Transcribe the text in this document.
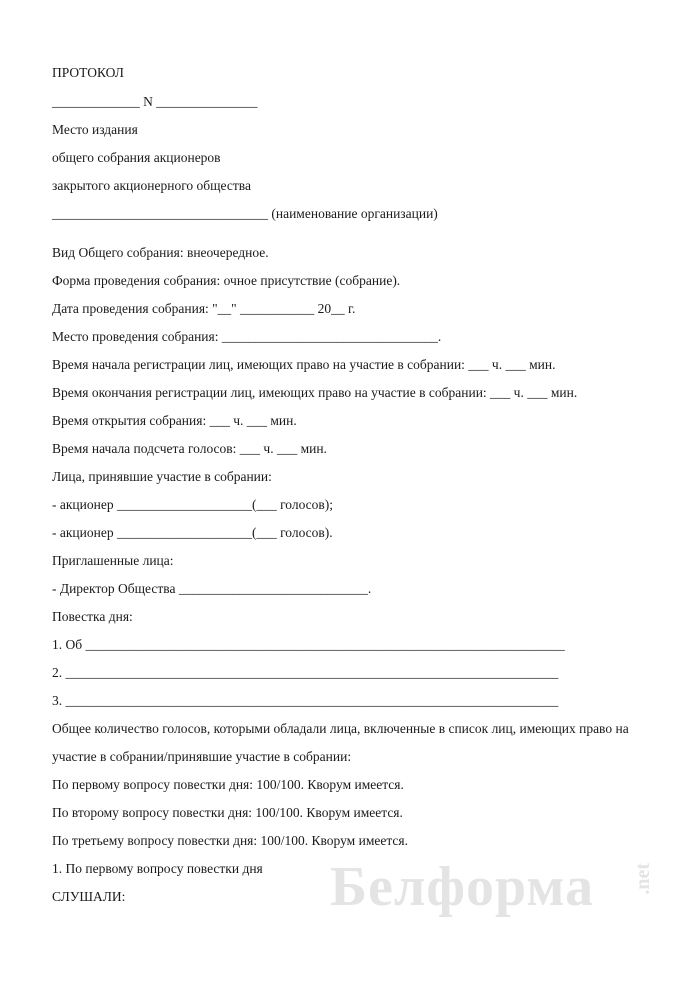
ПРОТОКОЛ
_____________ N _______________
Место издания
общего собрания акционеров
закрытого акционерного общества
________________________________ (наименование организации)
Вид Общего собрания: внеочередное.
Форма проведения собрания: очное присутствие (собрание).
Дата проведения собрания: "__" ___________ 20__ г.
Место проведения собрания: ________________________________.
Время начала регистрации лиц, имеющих право на участие в собрании: ___ ч. ___ мин.
Время окончания регистрации лиц, имеющих право на участие в собрании: ___ ч. ___ мин.
Время открытия собрания: ___ ч. ___ мин.
Время начала подсчета голосов: ___ ч. ___ мин.
Лица, принявшие участие в собрании:
- акционер ____________________(___ голосов);
- акционер ____________________(___ голосов).
Приглашенные лица:
- Директор Общества ____________________________.
Повестка дня:
1. Об _______________________________________________________________________
2. _________________________________________________________________________
3. _________________________________________________________________________
Общее количество голосов, которыми обладали лица, включенные в список лиц, имеющих право на
участие в собрании/принявшие участие в собрании:
По первому вопросу повестки дня: 100/100. Кворум имеется.
По второму вопросу повестки дня: 100/100. Кворум имеется.
По третьему вопросу повестки дня: 100/100. Кворум имеется.
1. По первому вопросу повестки дня
СЛУШАЛИ:	Белформа .net
